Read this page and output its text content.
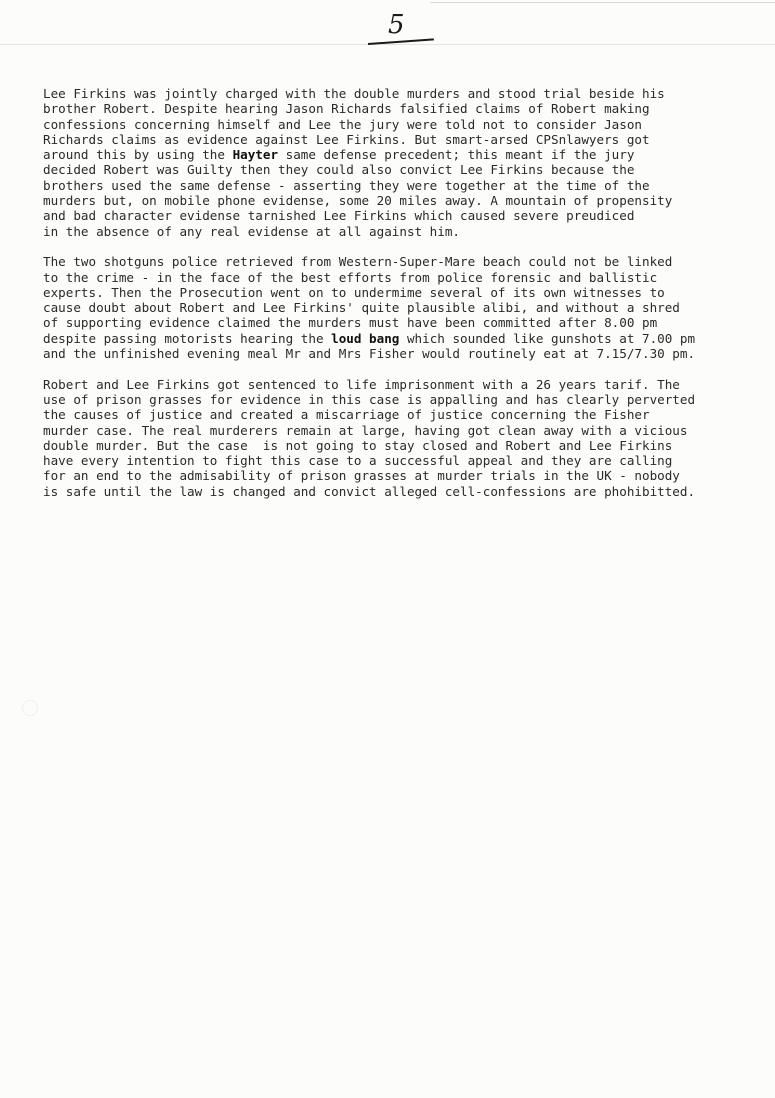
5
Lee Firkins was jointly charged with the double murders and stood trial beside his
brother Robert. Despite hearing Jason Richards falsified claims of Robert making
confessions concerning himself and Lee the jury were told not to consider Jason
Richards claims as evidence against Lee Firkins. But smart-arsed CPSnlawyers got
around this by using the Hayter same defense precedent; this meant if the jury
decided Robert was Guilty then they could also convict Lee Firkins because the
brothers used the same defense - asserting they were together at the time of the
murders but, on mobile phone evidense, some 20 miles away. A mountain of propensity
and bad character evidense tarnished Lee Firkins which caused severe preudiced
in the absence of any real evidense at all against him.
The two shotguns police retrieved from Western-Super-Mare beach could not be linked
to the crime - in the face of the best efforts from police forensic and ballistic
experts. Then the Prosecution went on to undermime several of its own witnesses to
cause doubt about Robert and Lee Firkins' quite plausible alibi, and without a shred
of supporting evidence claimed the murders must have been committed after 8.00 pm
despite passing motorists hearing the loud bang which sounded like gunshots at 7.00 pm
and the unfinished evening meal Mr and Mrs Fisher would routinely eat at 7.15/7.30 pm.
Robert and Lee Firkins got sentenced to life imprisonment with a 26 years tarif. The
use of prison grasses for evidence in this case is appalling and has clearly perverted
the causes of justice and created a miscarriage of justice concerning the Fisher
murder case. The real murderers remain at large, having got clean away with a vicious
double murder. But the case  is not going to stay closed and Robert and Lee Firkins
have every intention to fight this case to a successful appeal and they are calling
for an end to the admisability of prison grasses at murder trials in the UK - nobody
is safe until the law is changed and convict alleged cell-confessions are phohibitted.
